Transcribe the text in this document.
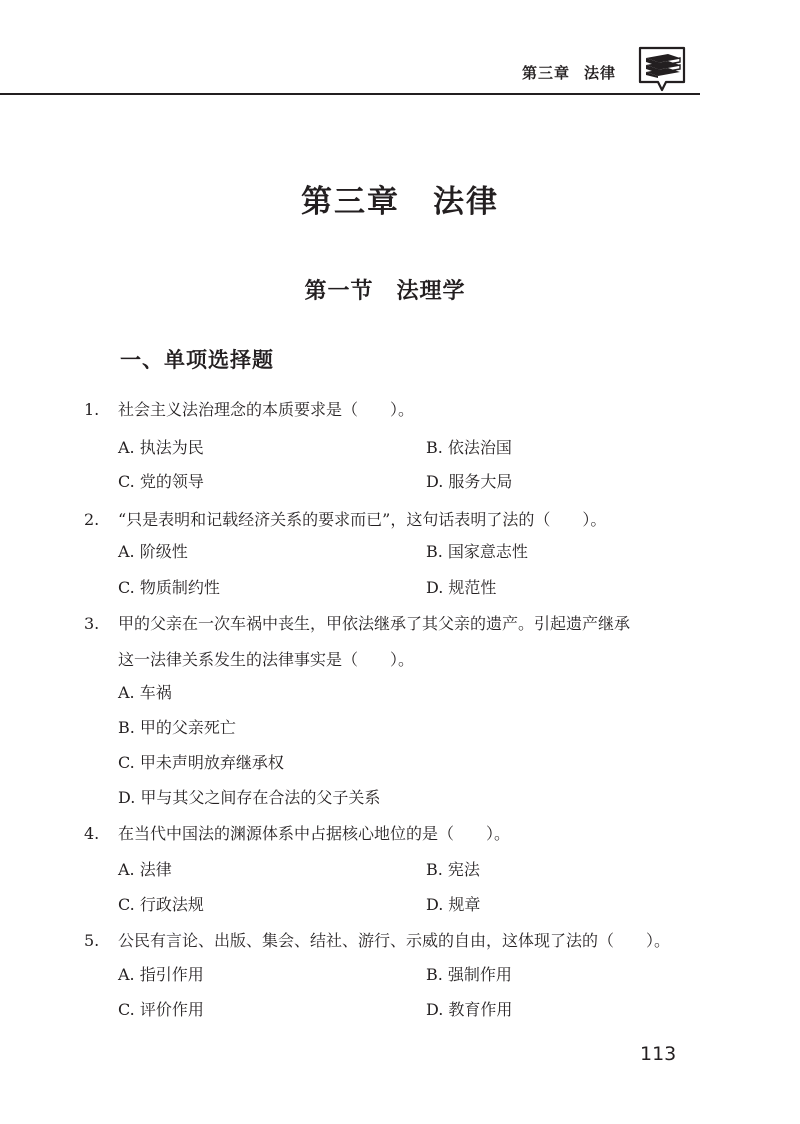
第三章 法律
第三章　法律
第一节　法理学
一、单项选择题
1. 社会主义法治理念的本质要求是（　　）。
A. 执法为民	B. 依法治国
C. 党的领导	D. 服务大局
2. “只是表明和记载经济关系的要求而已”，这句话表明了法的（　　）。
A. 阶级性	B. 国家意志性
C. 物质制约性	D. 规范性
3. 甲的父亲在一次车祸中丧生，甲依法继承了其父亲的遗产。引起遗产继承
这一法律关系发生的法律事实是（　　）。
A. 车祸
B. 甲的父亲死亡
C. 甲未声明放弃继承权
D. 甲与其父之间存在合法的父子关系
4. 在当代中国法的渊源体系中占据核心地位的是（　　）。
A. 法律	B. 宪法
C. 行政法规	D. 规章
5. 公民有言论、出版、集会、结社、游行、示威的自由，这体现了法的（　　）。
A. 指引作用	B. 强制作用
C. 评价作用	D. 教育作用
113
